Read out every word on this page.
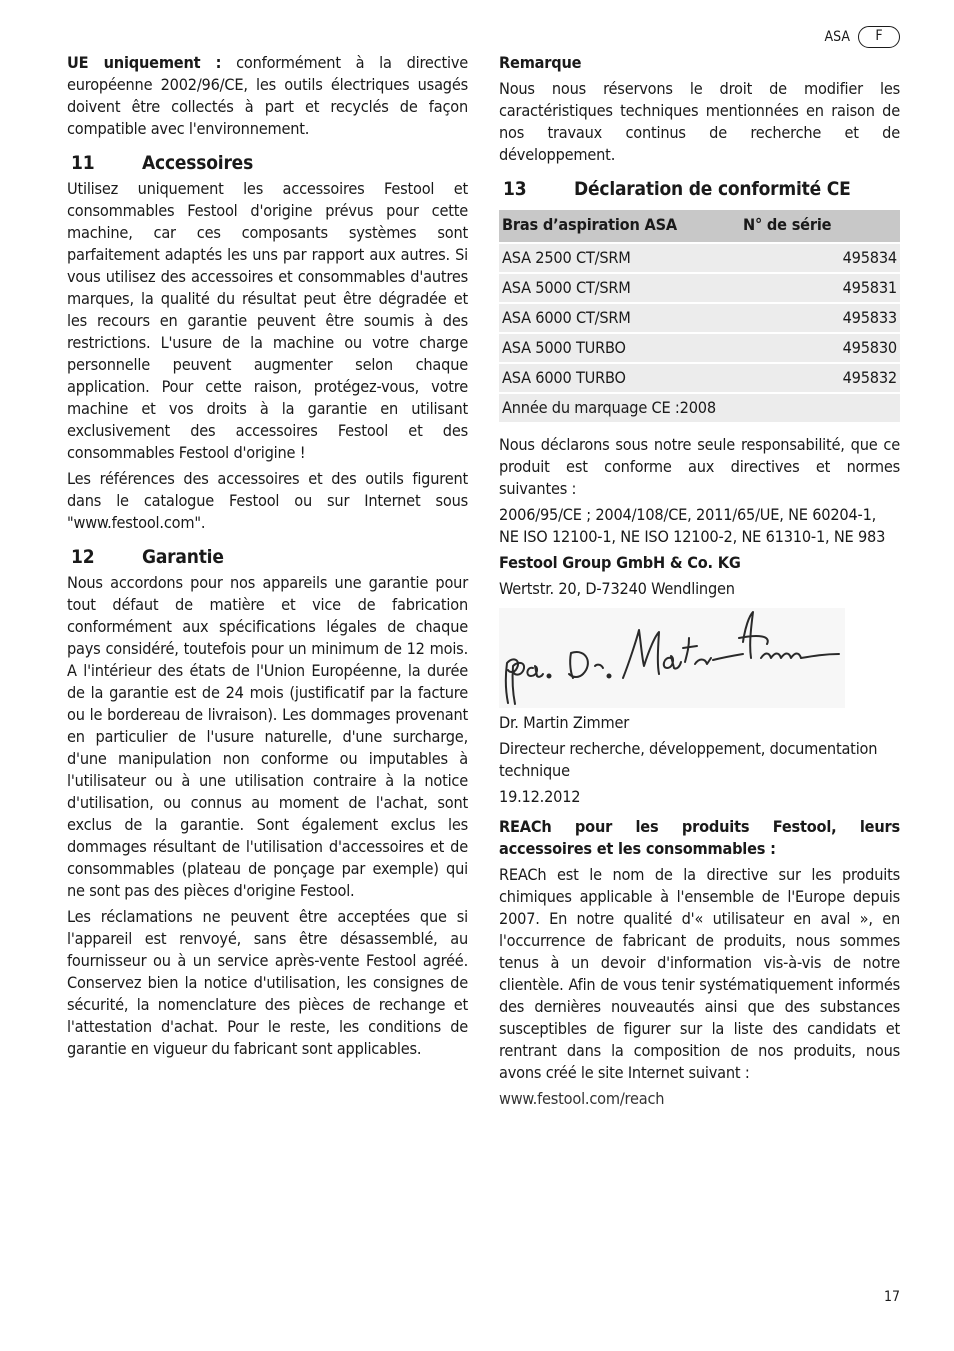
ASA	F

UE uniquement : conformément à la directive européenne 2002/96/CE, les outils électriques usagés doivent être collectés à part et recyclés de façon compatible avec l'environnement.

11	Accessoires

Utilisez uniquement les accessoires Festool et consommables Festool d'origine prévus pour cette machine, car ces composants systèmes sont parfaitement adaptés les uns par rapport aux autres. Si vous utilisez des accessoires et consommables d'autres marques, la qualité du résultat peut être dégradée et les recours en garantie peuvent être soumis à des restrictions. L'usure de la machine ou votre charge personnelle peuvent augmenter selon chaque application. Pour cette raison, protégez-vous, votre machine et vos droits à la garantie en utilisant exclusivement des accessoires Festool et des consommables Festool d'origine !

Les références des accessoires et des outils figurent dans le catalogue Festool ou sur Internet sous "www.festool.com".

12	Garantie

Nous accordons pour nos appareils une garantie pour tout défaut de matière et vice de fabrication conformément aux spécifications légales de chaque pays considéré, toutefois pour un minimum de 12 mois. A l'intérieur des états de l'Union Européenne, la durée de la garantie est de 24 mois (justificatif par la facture ou le bordereau de livraison). Les dommages provenant en particulier de l'usure naturelle, d'une surcharge, d'une manipulation non conforme ou imputables à l'utilisateur ou à une utilisation contraire à la notice d'utilisation, ou connus au moment de l'achat, sont exclus de la garantie. Sont également exclus les dommages résultant de l'utilisation d'accessoires et de consommables (plateau de ponçage par exemple) qui ne sont pas des pièces d'origine Festool.

Les réclamations ne peuvent être acceptées que si l'appareil est renvoyé, sans être désassemblé, au fournisseur ou à un service après-vente Festool agréé. Conservez bien la notice d'utilisation, les consignes de sécurité, la nomenclature des pièces de rechange et l'attestation d'achat. Pour le reste, les conditions de garantie en vigueur du fabricant sont applicables.

Remarque

Nous nous réservons le droit de modifier les caractéristiques techniques mentionnées en raison de nos travaux continus de recherche et de développement.

13	Déclaration de conformité CE
Bras d’aspiration ASA	N° de série
ASA 2500 CT/SRM	495834
ASA 5000 CT/SRM	495831
ASA 6000 CT/SRM	495833
ASA 5000 TURBO	495830
ASA 6000 TURBO	495832
Année du marquage CE :2008	

Nous déclarons sous notre seule responsabilité, que ce produit est conforme aux directives et normes suivantes :

2006/95/CE ; 2004/108/CE, 2011/65/UE, NE 60204-1, NE ISO 12100-1, NE ISO 12100-2, NE 61310-1, NE 983

Festool Group GmbH & Co. KG

Wertstr. 20, D-73240 Wendlingen

Dr. Martin Zimmer

Directeur recherche, développement, documentation technique

19.12.2012

REACh pour les produits Festool, leurs accessoires et les consommables :

REACh est le nom de la directive sur les produits chimiques applicable à l'ensemble de l'Europe depuis 2007. En notre qualité d'« utilisateur en aval », en l'occurrence de fabricant de produits, nous sommes tenus à un devoir d'information vis-à-vis de notre clientèle. Afin de vous tenir systématiquement informés des dernières nouveautés ainsi que des substances susceptibles de figurer sur la liste des candidats et rentrant dans la composition de nos produits, nous avons créé le site Internet suivant :

www.festool.com/reach

17
